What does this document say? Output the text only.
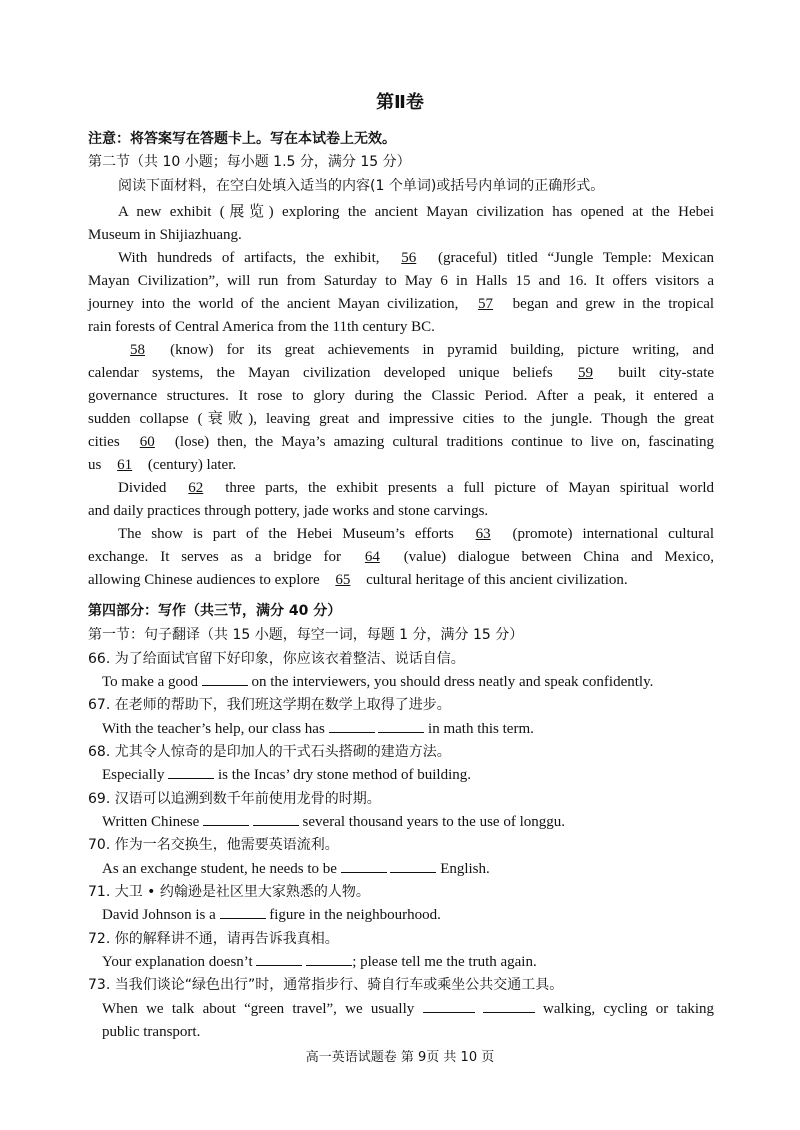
第Ⅱ卷
注意：将答案写在答题卡上。写在本试卷上无效。
第二节（共 10 小题；每小题 1.5 分，满分 15 分）
阅读下面材料，在空白处填入适当的内容(1 个单词)或括号内单词的正确形式。
A new exhibit (展览) exploring the ancient Mayan civilization has opened at the Hebei
Museum in Shijiazhuang.
With hundreds of artifacts, the exhibit, 56 (graceful) titled “Jungle Temple: Mexican
Mayan Civilization”, will run from Saturday to May 6 in Halls 15 and 16. It offers visitors a
journey into the world of the ancient Mayan civilization, 57 began and grew in the tropical
rain forests of Central America from the 11th century BC.
58 (know) for its great achievements in pyramid building, picture writing, and
calendar systems, the Mayan civilization developed unique beliefs 59 built city-state
governance structures. It rose to glory during the Classic Period. After a peak, it entered a
sudden collapse (衰败), leaving great and impressive cities to the jungle. Though the great
cities 60 (lose) then, the Maya’s amazing cultural traditions continue to live on, fascinating
us 61 (century) later.
Divided 62 three parts, the exhibit presents a full picture of Mayan spiritual world
and daily practices through pottery, jade works and stone carvings.
The show is part of the Hebei Museum’s efforts 63 (promote) international cultural
exchange. It serves as a bridge for 64 (value) dialogue between China and Mexico,
allowing Chinese audiences to explore 65 cultural heritage of this ancient civilization.
第四部分：写作（共三节，满分 40 分）
第一节：句子翻译（共 15 小题，每空一词，每题 1 分，满分 15 分）
66. 为了给面试官留下好印象，你应该衣着整洁、说话自信。
To make a good	on the interviewers, you should dress neatly and speak confidently.
67. 在老师的帮助下，我们班这学期在数学上取得了进步。
With the teacher’s help, our class has	in math this term.
68. 尤其令人惊奇的是印加人的干式石头搭砌的建造方法。
Especially	is the Incas’ dry stone method of building.
69. 汉语可以追溯到数千年前使用龙骨的时期。
Written Chinese	several thousand years to the use of longgu.
70. 作为一名交换生，他需要英语流利。
As an exchange student, he needs to be	English.
71. 大卫 • 约翰逊是社区里大家熟悉的人物。
David Johnson is a	figure in the neighbourhood.
72. 你的解释讲不通，请再告诉我真相。
Your explanation doesn’t	; please tell me the truth again.
73. 当我们谈论“绿色出行”时，通常指步行、骑自行车或乘坐公共交通工具。
When we talk about “green travel”, we usually	walking, cycling or taking
public transport.
高一英语试题卷 第 9页 共 10 页
